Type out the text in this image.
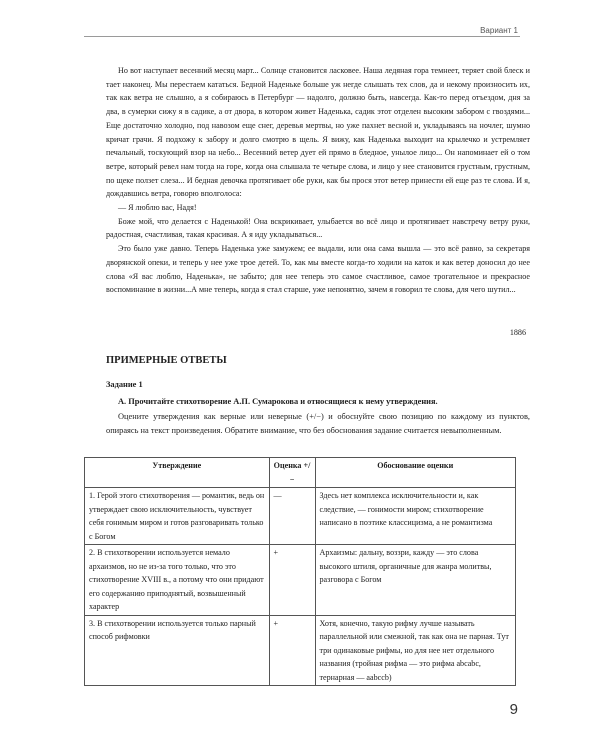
Вариант 1

Но вот наступает весенний месяц март... Солнце становится ласковее. Наша ледяная гора темнеет, теряет свой блеск и тает наконец. Мы перестаем кататься. Бедной Наденьке больше уж негде слышать тех слов, да и некому произносить их, так как ветра не слышно, а я собираюсь в Петербург — надолго, должно быть, навсегда. Как-то перед отъездом, дня за два, в сумерки сижу я в садике, а от двора, в котором живет Наденька, садик этот отделен высоким забором с гвоздями... Еще достаточно холодно, под навозом еще снег, деревья мертвы, но уже пахнет весной и, укладываясь на ночлег, шумно кричат грачи. Я подхожу к забору и долго смотрю в щель. Я вижу, как Наденька выходит на крылечко и устремляет печальный, тоскующий взор на небо... Весенний ветер дует ей прямо в бледное, унылое лицо... Он напоминает ей о том ветре, который ревел нам тогда на горе, когда она слышала те четыре слова, и лицо у нее становится грустным, грустным, по щеке ползет слеза... И бедная девочка протягивает обе руки, как бы прося этот ветер принести ей еще раз те слова. И я, дождавшись ветра, говорю вполголоса:

— Я люблю вас, Надя!

Боже мой, что делается с Наденькой! Она вскрикивает, улыбается во всё лицо и протягивает навстречу ветру руки, радостная, счастливая, такая красивая. А я иду укладываться...

Это было уже давно. Теперь Наденька уже замужем; ее выдали, или она сама вышла — это всё равно, за секретаря дворянской опеки, и теперь у нее уже трое детей. То, как мы вместе когда-то ходили на каток и как ветер доносил до нее слова «Я вас люблю, Наденька», не забыто; для нее теперь это самое счастливое, самое трогательное и прекрасное воспоминание в жизни...А мне теперь, когда я стал старше, уже непонятно, зачем я говорил те слова, для чего шутил...

1886
ПРИМЕРНЫЕ ОТВЕТЫ
Задание 1
А. Прочитайте стихотворение А.П. Сумарокова и относящиеся к нему утверждения.

Оцените утверждения как верные или неверные (+/−) и обоснуйте свою позицию по каждому из пунктов, опираясь на текст произведения. Обратите внимание, что без обоснования задание считается невыполненным.

Утверждение	Оценка +/−	Обоснование оценки
1. Герой этого стихотворения — романтик, ведь он утверждает свою исключительность, чувствует себя гонимым миром и готов разговаривать только с Богом	—	Здесь нет комплекса исключительности и, как следствие, — гонимости миром; стихотворение написано в поэтике классицизма, а не романтизма
2. В стихотворении используется немало архаизмов, но не из-за того только, что это стихотворение XVIII в., а потому что они придают его содержанию приподнятый, возвышенный характер	+	Архаизмы: дальну, воззри, кажду — это слова высокого штиля, органичные для жанра молитвы, разговора с Богом
3. В стихотворении используется только парный способ рифмовки	+	Хотя, конечно, такую рифму лучше называть параллельной или смежной, так как она не парная. Тут три одинаковые рифмы, но для нее нет отдельного названия (тройная рифма — это рифма abcabc, тернарная — aabccb)
9
